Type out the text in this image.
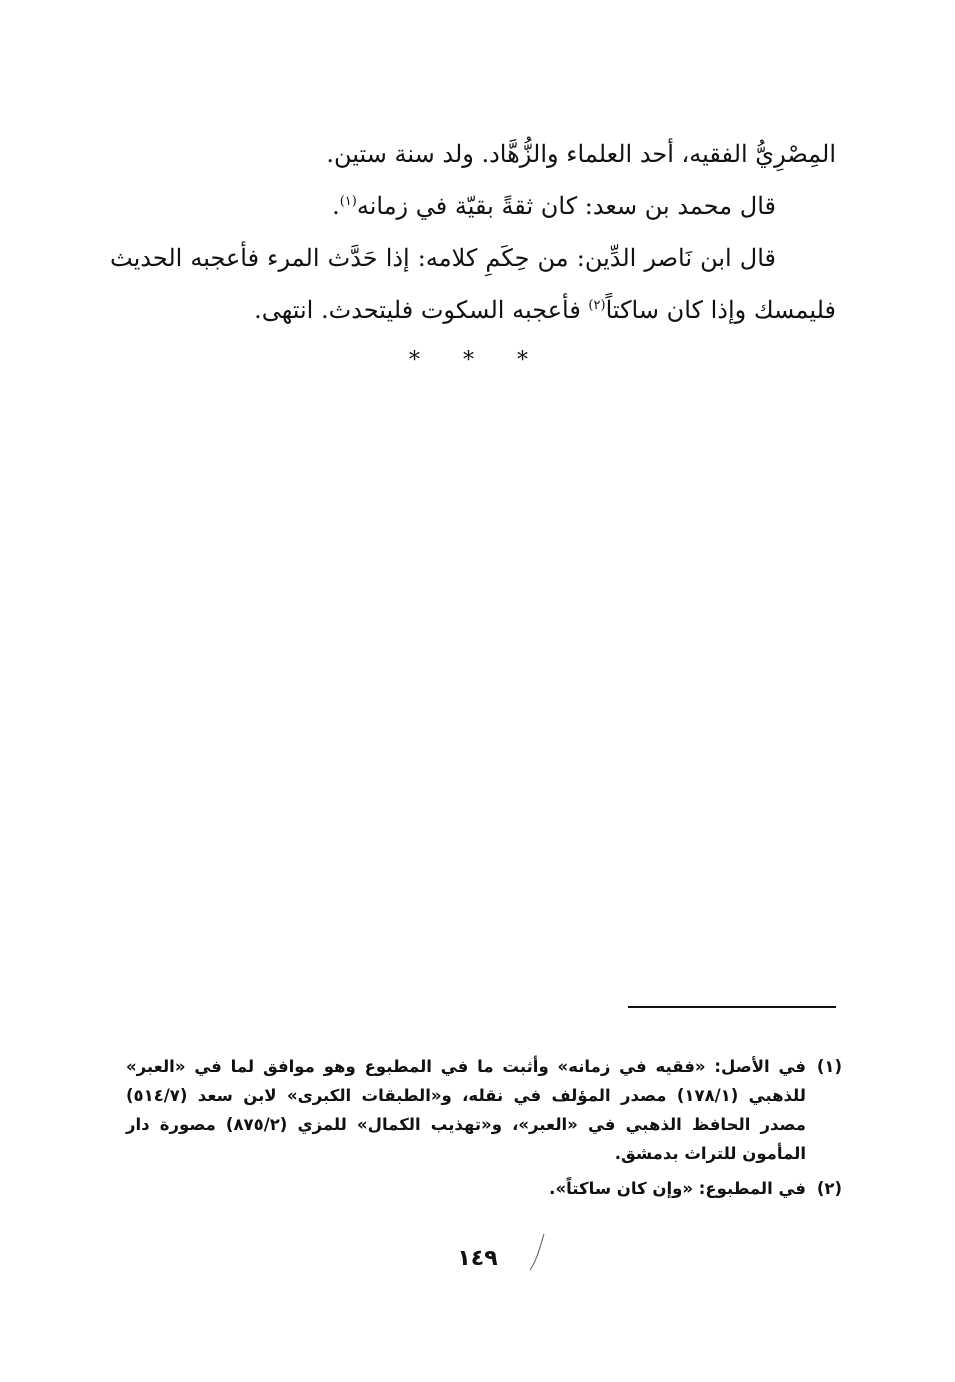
المِصْرِيُّ الفقيه، أحد العلماء والزُّهَّاد. ولد سنة ستين.

قال محمد بن سعد: كان ثقةً بقيّة في زمانه$^{(١)}$.

قال ابن نَاصر الدِّين: من حِكَمِ كلامه: إذا حَدَّث المرء فأعجبه الحديث فليمسك وإذا كان ساكتاً$^{(٢)}$ فأعجبه السكوت فليتحدث. انتهى.

* * *

(١)في الأصل: «فقيه في زمانه» وأثبت ما في المطبوع وهو موافق لما في «العبر» للذهبي (١٧٨/١) مصدر المؤلف في نقله، و«الطبقات الكبرى» لابن سعد (٥١٤/٧) مصدر الحافظ الذهبي في «العبر»، و«تهذيب الكمال» للمزي (٨٧٥/٢) مصورة دار المأمون للتراث بدمشق.

(٢)في المطبوع: «وإن كان ساكتاً».

١٤٩
